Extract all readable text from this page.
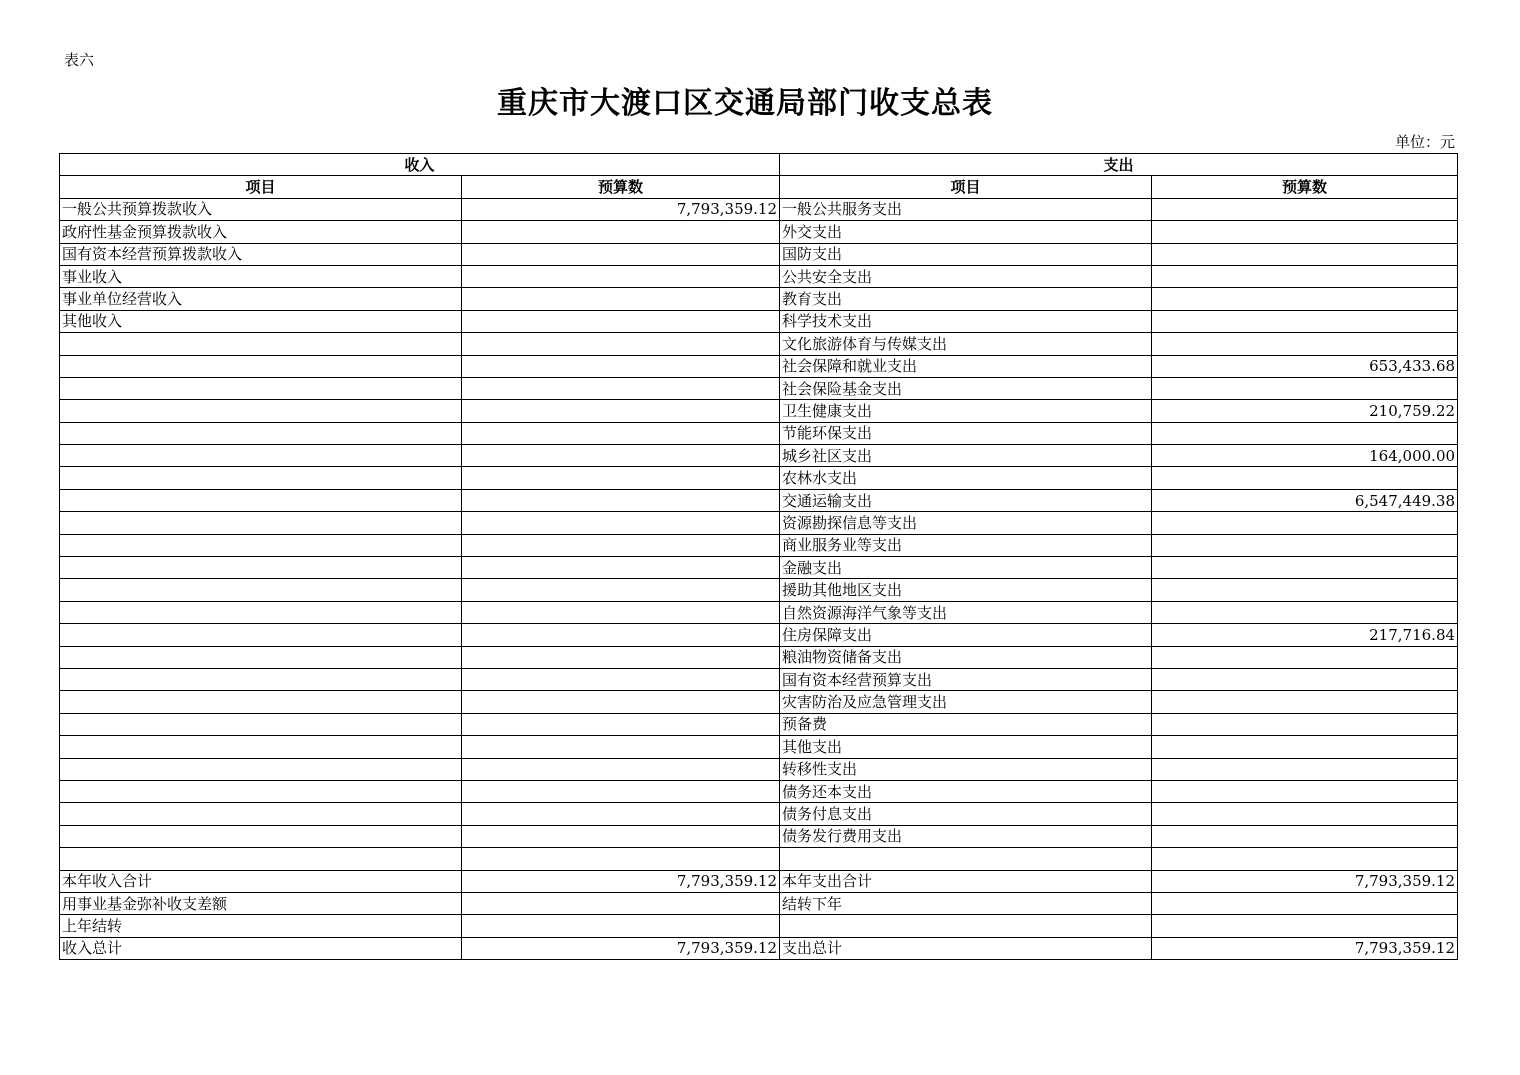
表六
重庆市大渡口区交通局部门收支总表
单位：元
收入		支出	
项目	预算数	项目	预算数
一般公共预算拨款收入	7,793,359.12	一般公共服务支出	
政府性基金预算拨款收入		外交支出	
国有资本经营预算拨款收入		国防支出	
事业收入		公共安全支出	
事业单位经营收入		教育支出	
其他收入		科学技术支出	
		文化旅游体育与传媒支出	
		社会保障和就业支出	653,433.68
		社会保险基金支出	
		卫生健康支出	210,759.22
		节能环保支出	
		城乡社区支出	164,000.00
		农林水支出	
		交通运输支出	6,547,449.38
		资源勘探信息等支出	
		商业服务业等支出	
		金融支出	
		援助其他地区支出	
		自然资源海洋气象等支出	
		住房保障支出	217,716.84
		粮油物资储备支出	
		国有资本经营预算支出	
		灾害防治及应急管理支出	
		预备费	
		其他支出	
		转移性支出	
		债务还本支出	
		债务付息支出	
		债务发行费用支出	

本年收入合计	7,793,359.12	本年支出合计	7,793,359.12
用事业基金弥补收支差额		结转下年	
上年结转			
收入总计	7,793,359.12	支出总计	7,793,359.12
